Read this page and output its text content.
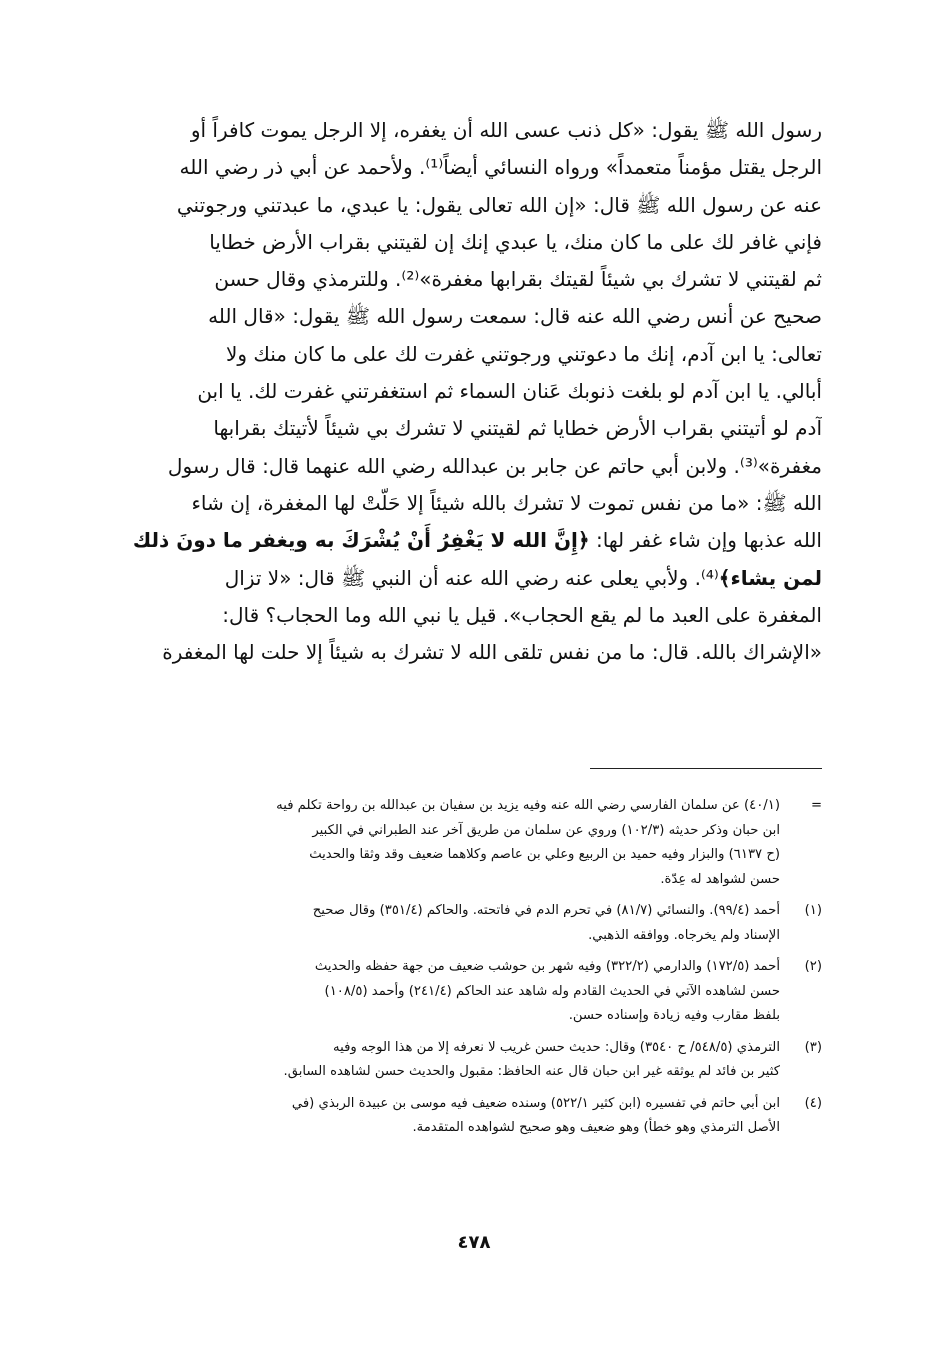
رسول الله ﷺ يقول: «كل ذنب عسى الله أن يغفره، إلا الرجل يموت كافراً أو
الرجل يقتل مؤمناً متعمداً» ورواه النسائي أيضاً⁽¹⁾. ولأحمد عن أبي ذر رضي الله
عنه عن رسول الله ﷺ قال: «إن الله تعالى يقول: يا عبدي، ما عبدتني ورجوتني
فإني غافر لك على ما كان منك، يا عبدي إنك إن لقيتني بقراب الأرض خطايا
ثم لقيتني لا تشرك بي شيئاً لقيتك بقرابها مغفرة»⁽²⁾. وللترمذي وقال حسن
صحيح عن أنس رضي الله عنه قال: سمعت رسول الله ﷺ يقول: «قال الله
تعالى: يا ابن آدم، إنك ما دعوتني ورجوتني غفرت لك على ما كان منك ولا
أبالي. يا ابن آدم لو بلغت ذنوبك عَنان السماء ثم استغفرتني غفرت لك. يا ابن
آدم لو أتيتني بقراب الأرض خطايا ثم لقيتني لا تشرك بي شيئاً لأتيتك بقرابها
مغفرة»⁽³⁾. ولابن أبي حاتم عن جابر بن عبدالله رضي الله عنهما قال: قال رسول
الله ﷺ: «ما من نفس تموت لا تشرك بالله شيئاً إلا حَلّتْ لها المغفرة، إن شاء
الله عذبها وإن شاء غفر لها: ﴿إِنَّ الله لا يَغْفِرُ أَنْ يُشْرَكَ به ويغفر ما دونَ ذلك
لمن يشاء﴾⁽⁴⁾. ولأبي يعلى عنه رضي الله عنه أن النبي ﷺ قال: «لا تزال
المغفرة على العبد ما لم يقع الحجاب». قيل يا نبي الله وما الحجاب؟ قال:
«الإشراك بالله. قال: ما من نفس تلقى الله لا تشرك به شيئاً إلا حلت لها المغفرة
=
(٤٠/١) عن سلمان الفارسي رضي الله عنه وفيه يزيد بن سفيان بن عبدالله بن رواحة تكلم فيه
ابن حبان وذكر حديثه (١٠٢/٣) وروي عن سلمان من طريق آخر عند الطبراني في الكبير
(ح ٦١٣٧) والبزار وفيه حميد بن الربيع وعلي بن عاصم وكلاهما ضعيف وقد وثقا والحديث
حسن لشواهد له عِدّة.
(١)
أحمد (٩٩/٤). والنسائي (٨١/٧) في تحرم الدم في فاتحته. والحاكم (٣٥١/٤) وقال صحيح
الإسناد ولم يخرجاه. ووافقه الذهبي.
(٢)
أحمد (١٧٢/٥) والدارمي (٣٢٢/٢) وفيه شهر بن حوشب ضعيف من جهة حفظه والحديث
حسن لشاهده الآتي في الحديث القادم وله شاهد عند الحاكم (٢٤١/٤) وأحمد (١٠٨/٥)
بلفظ مقارب وفيه زيادة وإسناده حسن.
(٣)
الترمذي (٥٤٨/٥/ ح ٣٥٤٠) وقال: حديث حسن غريب لا نعرفه إلا من هذا الوجه وفيه
كثير بن فائد لم يوثقه غير ابن حبان قال عنه الحافظ: مقبول والحديث حسن لشاهده السابق.
(٤)
ابن أبي حاتم في تفسيره (ابن كثير ٥٢٢/١) وسنده ضعيف فيه موسى بن عبيدة الربذي (في
الأصل الترمذي وهو خطأ) وهو ضعيف وهو صحيح لشواهده المتقدمة.
٤٧٨
